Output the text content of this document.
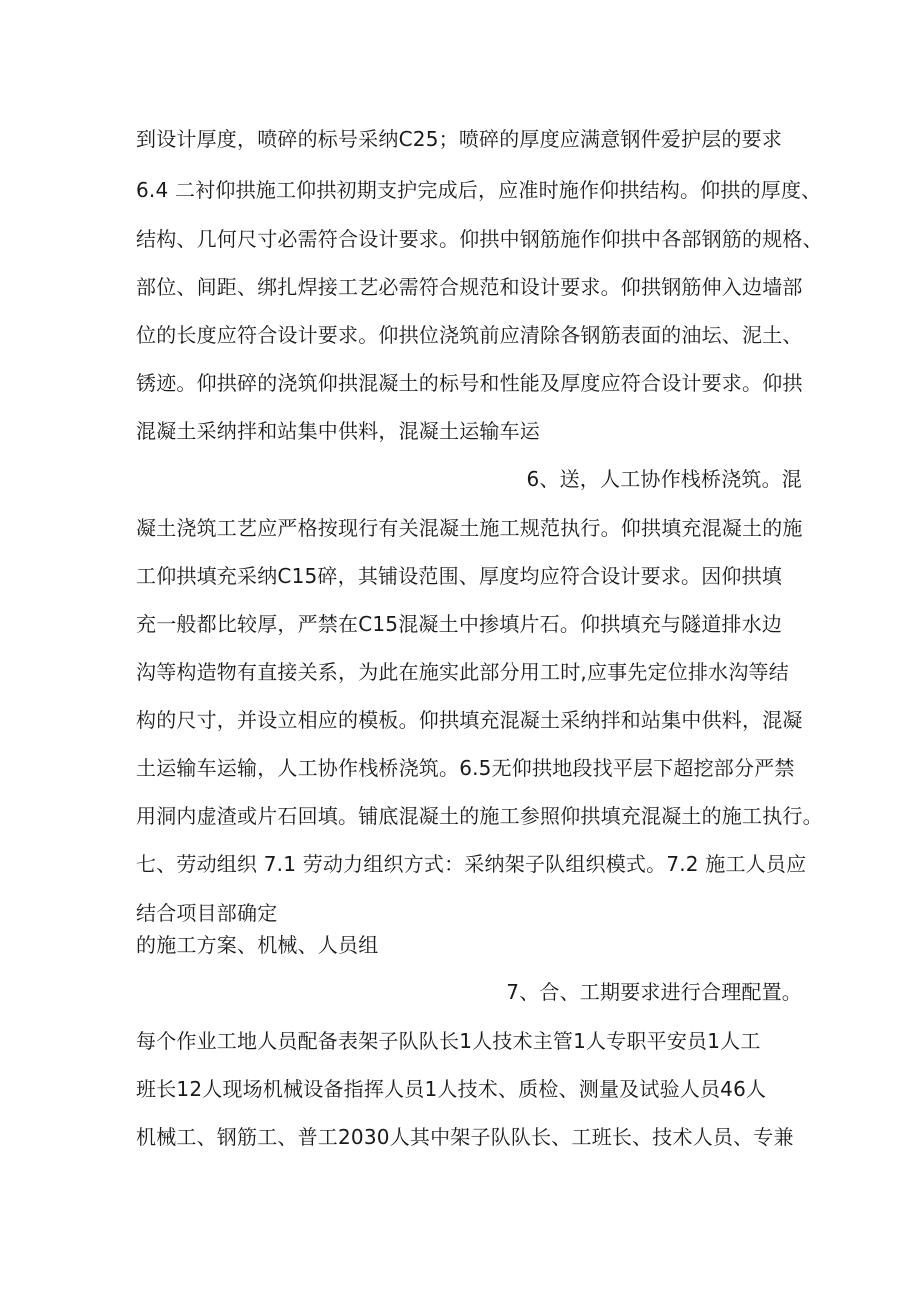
到设计厚度，喷碎的标号采纳C25；喷碎的厚度应满意钢件爱护层的要求
6.4 二衬仰拱施工仰拱初期支护完成后，应准时施作仰拱结构。仰拱的厚度、
结构、几何尺寸必需符合设计要求。仰拱中钢筋施作仰拱中各部钢筋的规格、
部位、间距、绑扎焊接工艺必需符合规范和设计要求。仰拱钢筋伸入边墙部
位的长度应符合设计要求。仰拱位浇筑前应清除各钢筋表面的油坛、泥土、
锈迹。仰拱碎的浇筑仰拱混凝土的标号和性能及厚度应符合设计要求。仰拱
混凝土采纳拌和站集中供料，混凝土运输车运
6、送，人工协作栈桥浇筑。混
凝土浇筑工艺应严格按现行有关混凝土施工规范执行。仰拱填充混凝土的施
工仰拱填充采纳C15碎，其铺设范围、厚度均应符合设计要求。因仰拱填
充一般都比较厚，严禁在C15混凝土中掺填片石。仰拱填充与隧道排水边
沟等构造物有直接关系，为此在施实此部分用工时,应事先定位排水沟等结
构的尺寸，并设立相应的模板。仰拱填充混凝土采纳拌和站集中供料，混凝
土运输车运输，人工协作栈桥浇筑。6.5无仰拱地段找平层下超挖部分严禁
用洞内虚渣或片石回填。铺底混凝土的施工参照仰拱填充混凝土的施工执行。
七、劳动组织 7.1 劳动力组织方式：采纳架子队组织模式。7.2 施工人员应
结合项目部确定
的施工方案、机械、人员组
7、合、工期要求进行合理配置。
每个作业工地人员配备表架子队队长1人技术主管1人专职平安员1人工
班长12人现场机械设备指挥人员1人技术、质检、测量及试验人员46人
机械工、钢筋工、普工2030人其中架子队队长、工班长、技术人员、专兼
